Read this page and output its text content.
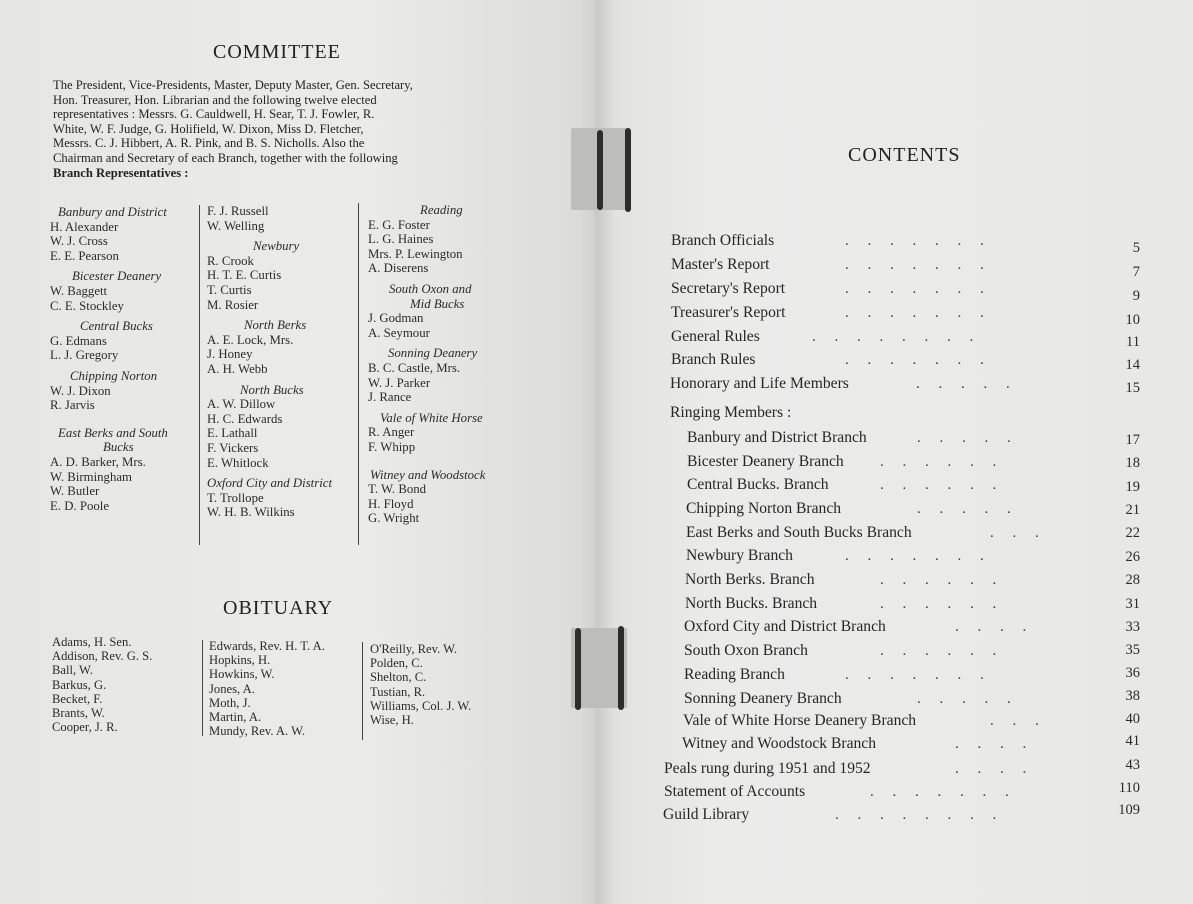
COMMITTEE
The President, Vice-Presidents, Master, Deputy Master, Gen. Secretary,
Hon. Treasurer, Hon. Librarian and the following twelve elected
representatives : Messrs. G. Cauldwell, H. Sear, T. J. Fowler, R.
White, W. F. Judge, G. Holifield, W. Dixon, Miss D. Fletcher,
Messrs. C. J. Hibbert, A. R. Pink, and B. S. Nicholls. Also the
Chairman and Secretary of each Branch, together with the following
Branch Representatives :
Banbury and District
H. Alexander
W. J. Cross
E. E. Pearson
Bicester Deanery
W. Baggett
C. E. Stockley
Central Bucks
G. Edmans
L. J. Gregory
Chipping Norton
W. J. Dixon
R. Jarvis
East Berks and South
Bucks
A. D. Barker, Mrs.
W. Birmingham
W. Butler
E. D. Poole
F. J. Russell
W. Welling
Newbury
R. Crook
H. T. E. Curtis
T. Curtis
M. Rosier
North Berks
A. E. Lock, Mrs.
J. Honey
A. H. Webb
North Bucks
A. W. Dillow
H. C. Edwards
E. Lathall
F. Vickers
E. Whitlock
Oxford City and District
T. Trollope
W. H. B. Wilkins
Reading
E. G. Foster
L. G. Haines
Mrs. P. Lewington
A. Diserens
South Oxon and
Mid Bucks
J. Godman
A. Seymour
Sonning Deanery
B. C. Castle, Mrs.
W. J. Parker
J. Rance
Vale of White Horse
R. Anger
F. Whipp
Witney and Woodstock
T. W. Bond
H. Floyd
G. Wright
OBITUARY
Adams, H. Sen.
Addison, Rev. G. S.
Ball, W.
Barkus, G.
Becket, F.
Brants, W.
Cooper, J. R.
Edwards, Rev. H. T. A.
Hopkins, H.
Howkins, W.
Jones, A.
Moth, J.
Martin, A.
Mundy, Rev. A. W.
O'Reilly, Rev. W.
Polden, C.
Shelton, C.
Tustian, R.
Williams, Col. J. W.
Wise, H.
CONTENTS
Branch Officials	.  .  .  .  .  .  .	5
Master's Report	.  .  .  .  .  .  .	7
Secretary's Report	.  .  .  .  .  .  .	9
Treasurer's Report	.  .  .  .  .  .  .	10
General Rules	.  .  .  .  .  .  .  .	11
Branch Rules	.  .  .  .  .  .  .	14
Honorary and Life Members	.  .  .  .  .	15
Ringing Members :
Banbury and District Branch	.  .  .  .  .	17
Bicester Deanery Branch .  .  .  .  .  .	18
Central Bucks. Branch	.  .  .  .  .  .	19
Chipping Norton Branch	.  .  .  .  .	21
East Berks and South Bucks Branch	.  .  .	22
Newbury Branch	.  .  .  .  .  .  .	26
North Berks. Branch	.  .  .  .  .  .	28
North Bucks. Branch	.  .  .  .  .  .	31
Oxford City and District Branch	.  .  .  .	33
South Oxon Branch	.  .  .  .  .  .	35
Reading Branch	.  .  .  .  .  .  .	36
Sonning Deanery Branch	.  .  .  .  .	38
Vale of White Horse Deanery Branch	.  .  .	40
Witney and Woodstock Branch	.  .  .  .	41
Peals rung during 1951 and 1952	.  .  .  .	43
Statement of Accounts	.  .  .  .  .  .  .	110
Guild Library	.  .  .  .  .  .  .  .	109
